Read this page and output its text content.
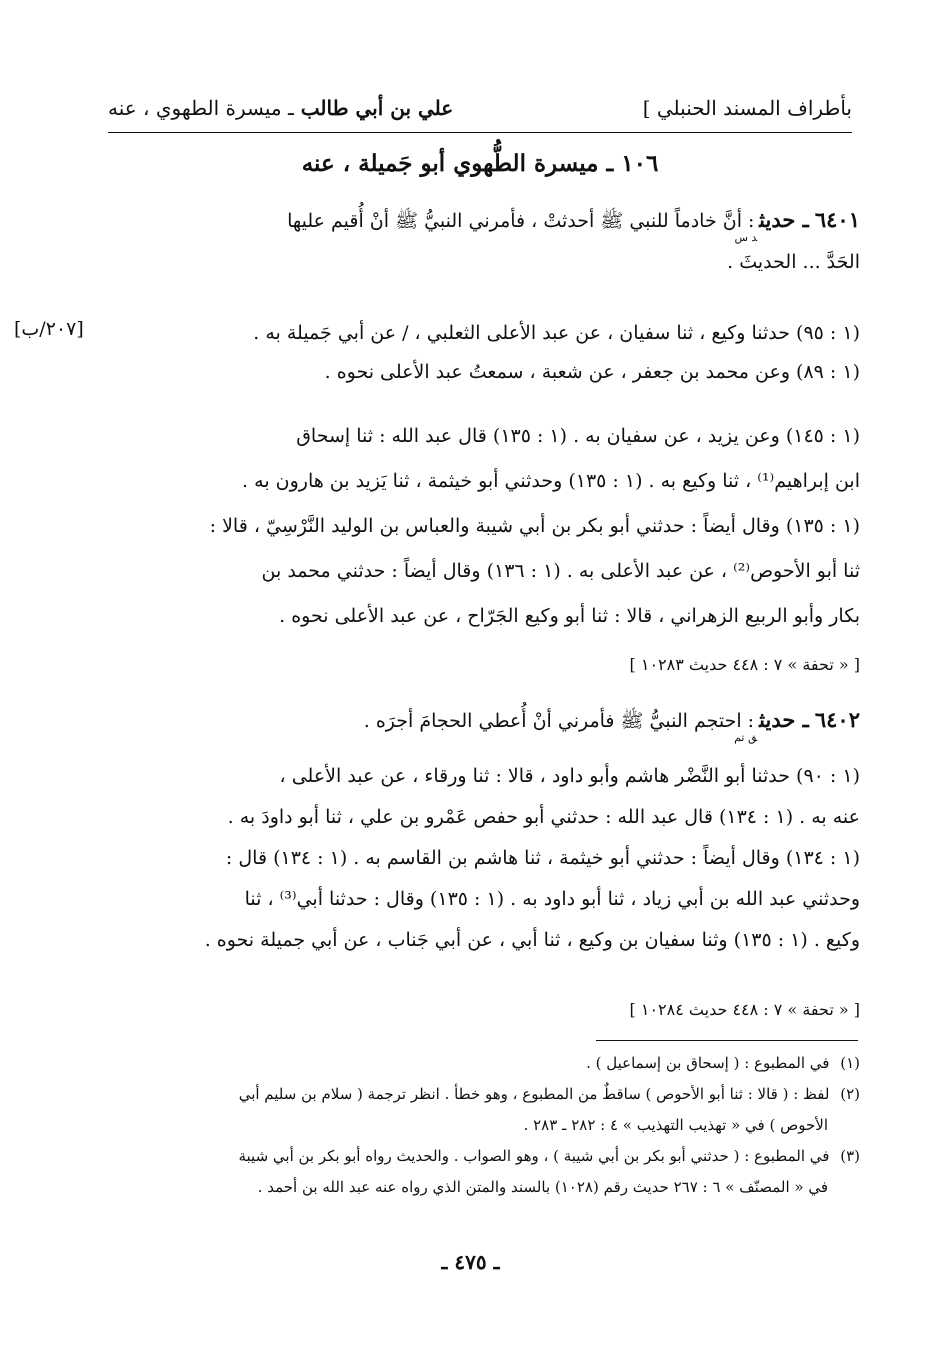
بأطراف المسند الحنبلي ]
علي بن أبي طالب ـ ميسرة الطهوي ، عنه
١٠٦ ـ ميسرة الطُّهوي أبو جَميلة ، عنه
٦٤٠١ ـ حديث$_{د س}$ : أنَّ خادماً للنبي ﷺ أحدثتْ ، فأمرني النبيُّ ﷺ أنْ أُقيم عليها
الحَدَّ ... الحديثَ .
[٢٠٧/ب]	(١ : ٩٥) حدثنا وكيع ، ثنا سفيان ، عن عبد الأعلى الثعلبي ، / عن أبي جَميلة به .
(١ : ٨٩) وعن محمد بن جعفر ، عن شعبة ، سمعتُ عبد الأعلى نحوه .
(١ : ١٤٥) وعن يزيد ، عن سفيان به . (١ : ١٣٥) قال عبد الله : ثنا إسحاق
ابن إبراهيم⁽¹⁾ ، ثنا وكيع به . (١ : ١٣٥) وحدثني أبو خيثمة ، ثنا يَزيد بن هارون به .
(١ : ١٣٥) وقال أيضاً : حدثني أبو بكر بن أبي شيبة والعباس بن الوليد النَّرْسِيّ ، قالا :
ثنا أبو الأحوص⁽²⁾ ، عن عبد الأعلى به . (١ : ١٣٦) وقال أيضاً : حدثني محمد بن
بكار وأبو الربيع الزهراني ، قالا : ثنا أبو وكيع الجَرّاح ، عن عبد الأعلى نحوه .
[ « تحفة » ٧ : ٤٤٨ حديث ١٠٢٨٣ ]
٦٤٠٢ ـ حديث$_{ق تم}$ : احتجم النبيُّ ﷺ فأمرني أنْ أُعطي الحجامَ أجرَه .
(١ : ٩٠) حدثنا أبو النَّضْر هاشم وأبو داود ، قالا : ثنا ورقاء ، عن عبد الأعلى ،
عنه به . (١ : ١٣٤) قال عبد الله : حدثني أبو حفص عَمْرو بن علي ، ثنا أبو داودَ به .
(١ : ١٣٤) وقال أيضاً : حدثني أبو خيثمة ، ثنا هاشم بن القاسم به . (١ : ١٣٤) قال :
وحدثني عبد الله بن أبي زياد ، ثنا أبو داود به . (١ : ١٣٥) وقال : حدثنا أبي⁽³⁾ ، ثنا
وكيع . (١ : ١٣٥) وثنا سفيان بن وكيع ، ثنا أبي ، عن أبي جَناب ، عن أبي جميلة نحوه .
[ « تحفة » ٧ : ٤٤٨ حديث ١٠٢٨٤ ]

(١) في المطبوع : ( إسحاق بن إسماعيل ) .

(٢) لفظ : ( قالا : ثنا أبو الأحوص ) ساقطٌ من المطبوع ، وهو خطأ . انظر ترجمة ( سلام بن سليم أبي

الأحوص ) في « تهذيب التهذيب » ٤ : ٢٨٢ ـ ٢٨٣ .

(٣) في المطبوع : ( حدثني أبو بكر بن أبي شيبة ) ، وهو الصواب . والحديث رواه أبو بكر بن أبي شيبة

في « المصنّف » ٦ : ٢٦٧ حديث رقم (١٠٢٨) بالسند والمتن الذي رواه عنه عبد الله بن أحمد .

ـ ٤٧٥ ـ
